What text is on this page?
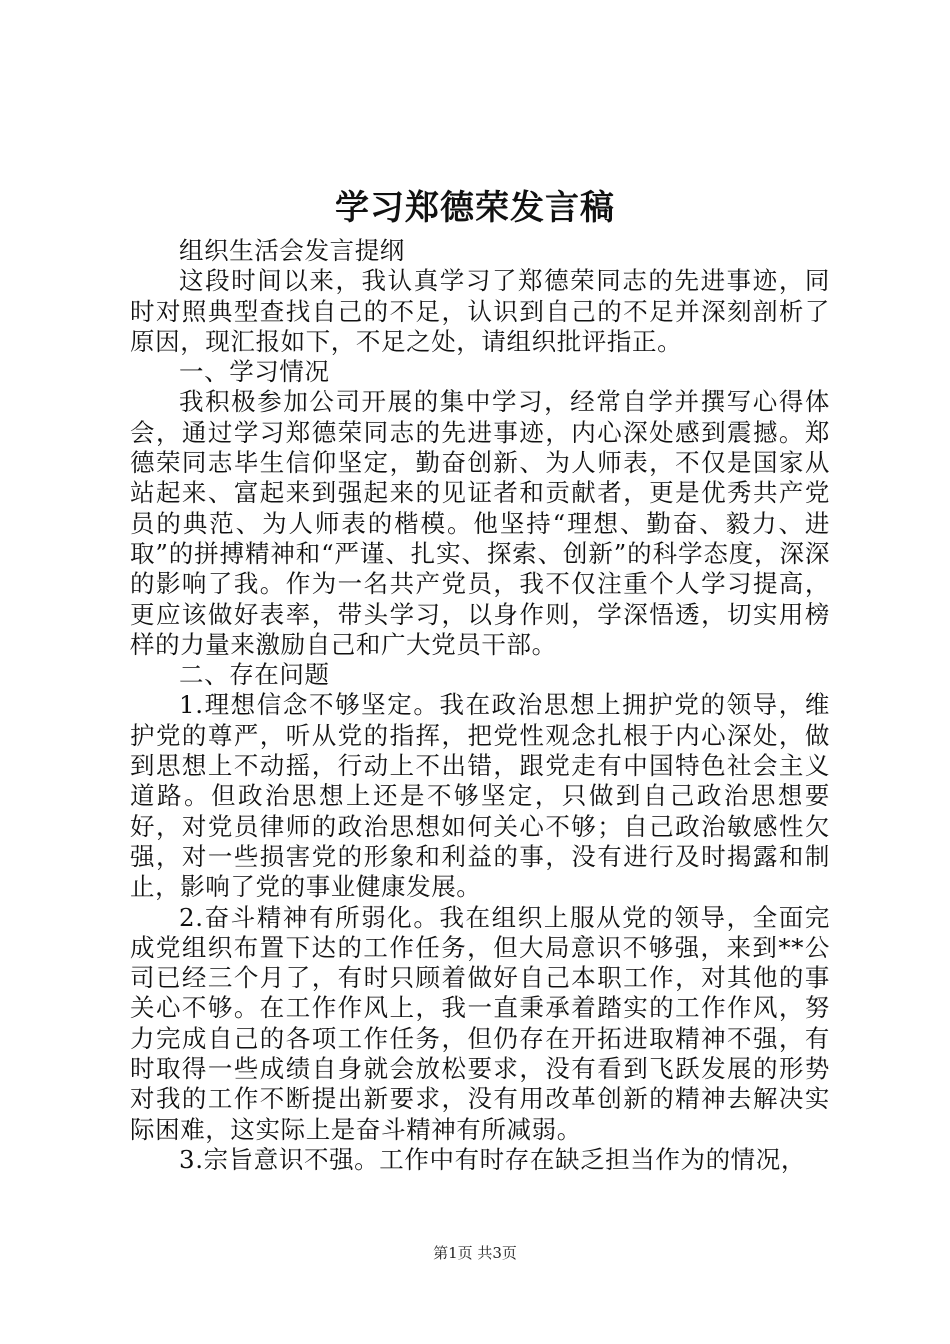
学习郑德荣发言稿

组织生活会发言提纲

这段时间以来，我认真学习了郑德荣同志的先进事迹，同时对照典型查找自己的不足，认识到自己的不足并深刻剖析了原因，现汇报如下，不足之处，请组织批评指正。

一、学习情况

我积极参加公司开展的集中学习，经常自学并撰写心得体会，通过学习郑德荣同志的先进事迹，内心深处感到震撼。郑德荣同志毕生信仰坚定，勤奋创新、为人师表，不仅是国家从站起来、富起来到强起来的见证者和贡献者，更是优秀共产党员的典范、为人师表的楷模。他坚持“理想、勤奋、毅力、进取”的拼搏精神和“严谨、扎实、探索、创新”的科学态度，深深的影响了我。作为一名共产党员，我不仅注重个人学习提高，更应该做好表率，带头学习，以身作则，学深悟透，切实用榜样的力量来激励自己和广大党员干部。

二、存在问题

1.理想信念不够坚定。我在政治思想上拥护党的领导，维护党的尊严，听从党的指挥，把党性观念扎根于内心深处，做到思想上不动摇，行动上不出错，跟党走有中国特色社会主义道路。但政治思想上还是不够坚定，只做到自己政治思想要好，对党员律师的政治思想如何关心不够；自己政治敏感性欠强，对一些损害党的形象和利益的事，没有进行及时揭露和制止，影响了党的事业健康发展。

2.奋斗精神有所弱化。我在组织上服从党的领导，全面完成党组织布置下达的工作任务，但大局意识不够强，来到**公司已经三个月了，有时只顾着做好自己本职工作，对其他的事关心不够。在工作作风上，我一直秉承着踏实的工作作风，努力完成自己的各项工作任务，但仍存在开拓进取精神不强，有时取得一些成绩自身就会放松要求，没有看到飞跃发展的形势对我的工作不断提出新要求，没有用改革创新的精神去解决实际困难，这实际上是奋斗精神有所减弱。

3.宗旨意识不强。工作中有时存在缺乏担当作为的情况，

第1页 共3页
